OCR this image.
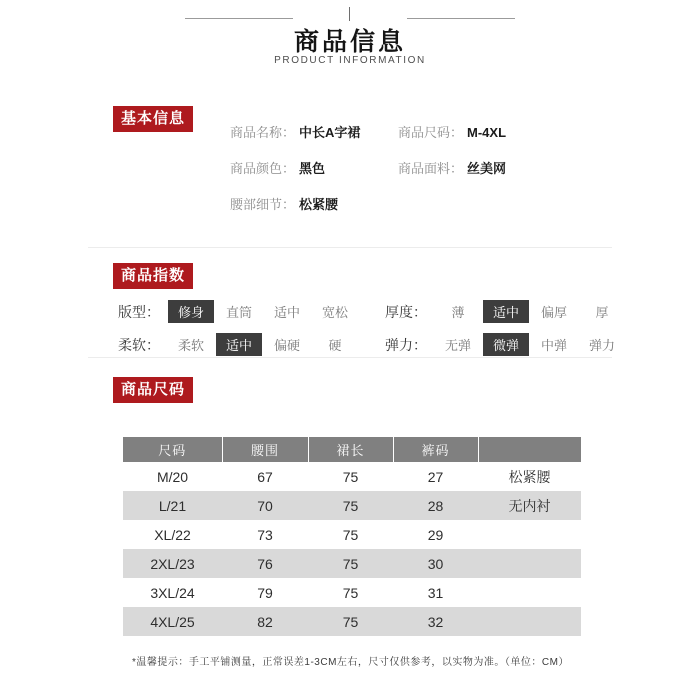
商品信息
PRODUCT INFORMATION
基本信息
商品名称： 中长A字裙	商品尺码： M-4XL
商品颜色： 黑色	商品面料： 丝美网
腰部细节： 松紧腰
商品指数
版型：	修身	直筒	适中	宽松	厚度：	薄	适中	偏厚	厚
柔软：	柔软	适中	偏硬	硬	弹力：	无弹	微弹	中弹	弹力
商品尺码
尺码	腰围	裙长	裤码	
M/20	67	75	27	松紧腰
L/21	70	75	28	无内衬
XL/22	73	75	29	
2XL/23	76	75	30	
3XL/24	79	75	31	
4XL/25	82	75	32	
*温馨提示：手工平铺测量，正常误差1-3CM左右，尺寸仅供参考，以实物为准。（单位：CM）
